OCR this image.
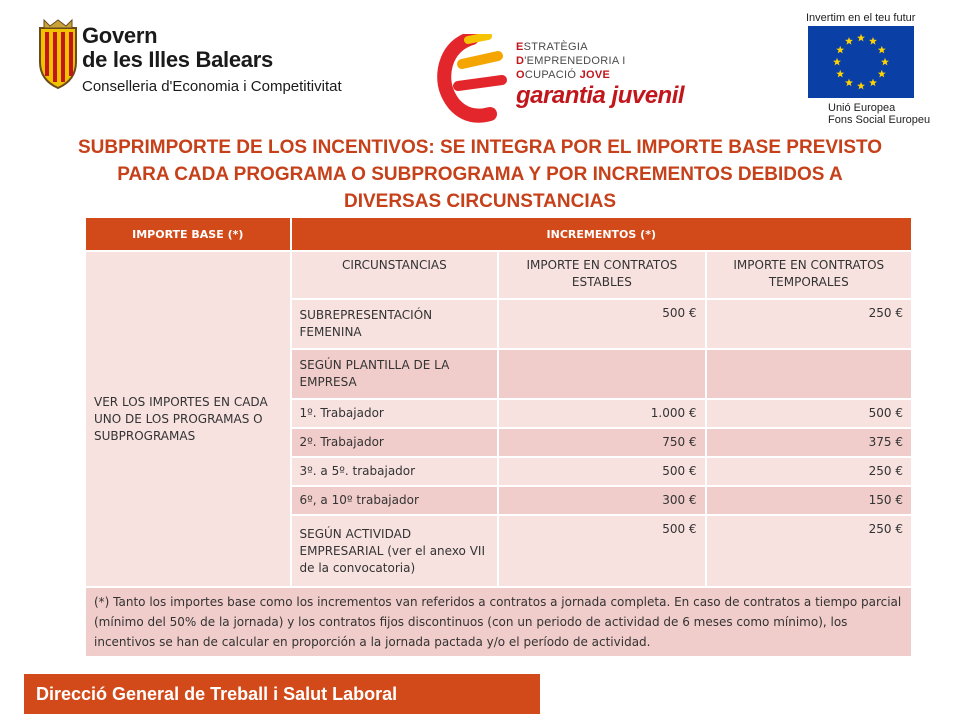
Govern
de les Illes Balears
Conselleria d'Economia i Competitivitat
ESTRATÈGIA
D'EMPRENEDORIA I
OCUPACIÓ JOVE
garantia juvenil
Invertim en el teu futur
Unió Europea
Fons Social Europeu
SUBPRIMPORTE DE LOS INCENTIVOS: SE INTEGRA POR EL IMPORTE BASE PREVISTO
PARA CADA PROGRAMA O SUBPROGRAMA Y POR INCREMENTOS DEBIDOS A
DIVERSAS CIRCUNSTANCIAS
IMPORTE BASE (*)	INCREMENTOS (*)		
VER LOS IMPORTES EN CADA UNO DE LOS PROGRAMAS O SUBPROGRAMAS	CIRCUNSTANCIAS	IMPORTE EN CONTRATOS ESTABLES	IMPORTE EN CONTRATOS TEMPORALES
	SUBREPRESENTACIÓN FEMENINA	500 €	250 €
	SEGÚN PLANTILLA DE LA EMPRESA		
	1º. Trabajador	1.000 €	500 €
	2º. Trabajador	750 €	375 €
	3º. a 5º. trabajador	500 €	250 €
	6º, a 10º trabajador	300 €	150 €
	SEGÚN ACTIVIDAD EMPRESARIAL (ver el anexo VII de la convocatoria)	500 €	250 €
(*) Tanto los importes base como los incrementos van referidos a contratos a jornada completa. En caso de contratos a tiempo parcial (mínimo del 50% de la jornada) y los contratos fijos discontinuos (con un periodo de actividad de 6 meses como mínimo), los incentivos se han de calcular en proporción a la jornada pactada y/o el período de actividad.			
Direcció General de Treball i Salut Laboral
